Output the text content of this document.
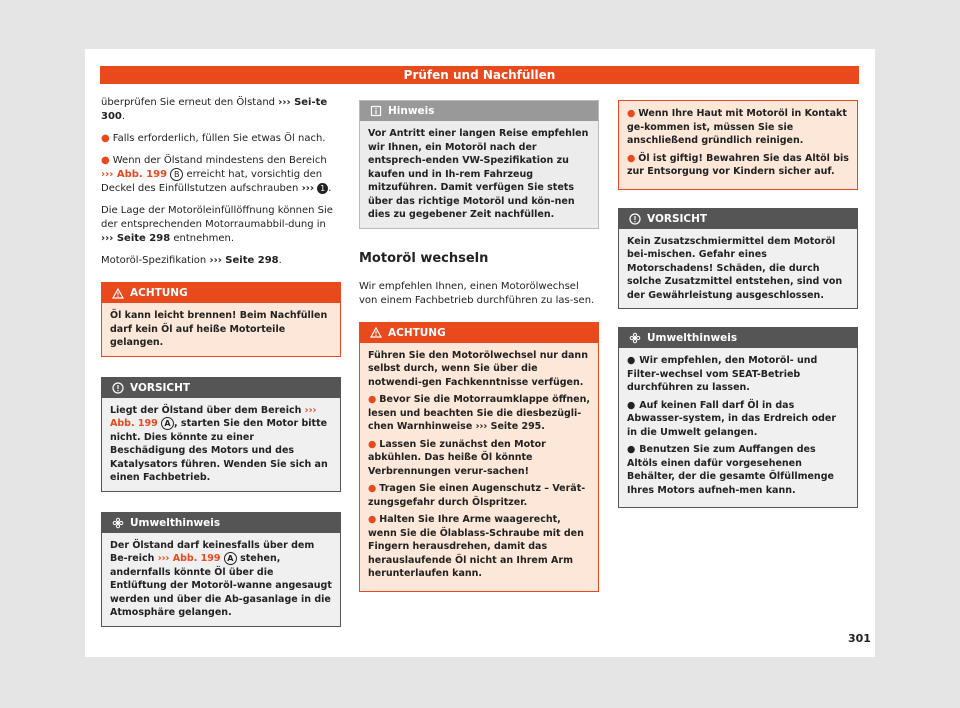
Prüfen und Nachfüllen

überprüfen Sie erneut den Ölstand ››› Sei-te 300.

● Falls erforderlich, füllen Sie etwas Öl nach.

● Wenn der Ölstand mindestens den Bereich ››› Abb. 199 B erreicht hat, vorsichtig den Deckel des Einfüllstutzen aufschrauben ››› 1 .

Die Lage der Motoröleinfüllöffnung können Sie der entsprechenden Motorraumabbil-dung in ››› Seite 298 entnehmen.

Motoröl-Spezifikation ››› Seite 298.

ACHTUNG
Öl kann leicht brennen! Beim Nachfüllen darf kein Öl auf heiße Motorteile gelangen.
VORSICHT
Liegt der Ölstand über dem Bereich ››› Abb. 199 A , starten Sie den Motor bitte nicht. Dies könnte zu einer Beschädigung des Motors und des Katalysators führen. Wenden Sie sich an einen Fachbetrieb.
Umwelthinweis
Der Ölstand darf keinesfalls über dem Be-reich ››› Abb. 199 A stehen, andernfalls könnte Öl über die Entlüftung der Motoröl-wanne angesaugt werden und über die Ab-gasanlage in die Atmosphäre gelangen.
Hinweis
Vor Antritt einer langen Reise empfehlen wir Ihnen, ein Motoröl nach der entsprech-enden VW-Spezifikation zu kaufen und in Ih-rem Fahrzeug mitzuführen. Damit verfügen Sie stets über das richtige Motoröl und kön-nen dies zu gegebener Zeit nachfüllen.
Motoröl wechseln

Wir empfehlen Ihnen, einen Motorölwechsel von einem Fachbetrieb durchführen zu las-sen.

ACHTUNG
Führen Sie den Motorölwechsel nur dann selbst durch, wenn Sie über die notwendi-gen Fachkenntnisse verfügen.
● Bevor Sie die Motorraumklappe öffnen, lesen und beachten Sie die diesbezügli-chen Warnhinweise ››› Seite 295.
● Lassen Sie zunächst den Motor abkühlen. Das heiße Öl könnte Verbrennungen verur-sachen!
● Tragen Sie einen Augenschutz – Verät-zungsgefahr durch Ölspritzer.
● Halten Sie Ihre Arme waagerecht, wenn Sie die Ölablass-Schraube mit den Fingern herausdrehen, damit das herauslaufende Öl nicht an Ihrem Arm herunterlaufen kann.
● Wenn Ihre Haut mit Motoröl in Kontakt ge-kommen ist, müssen Sie sie anschließend gründlich reinigen.
● Öl ist giftig! Bewahren Sie das Altöl bis zur Entsorgung vor Kindern sicher auf.
VORSICHT
Kein Zusatzschmiermittel dem Motoröl bei-mischen. Gefahr eines Motorschadens! Schäden, die durch solche Zusatzmittel entstehen, sind von der Gewährleistung ausgeschlossen.
Umwelthinweis
● Wir empfehlen, den Motoröl- und Filter-wechsel vom SEAT-Betrieb durchführen zu lassen.
● Auf keinen Fall darf Öl in das Abwasser-system, in das Erdreich oder in die Umwelt gelangen.
● Benutzen Sie zum Auffangen des Altöls einen dafür vorgesehenen Behälter, der die gesamte Ölfüllmenge Ihres Motors aufneh-men kann.
301
